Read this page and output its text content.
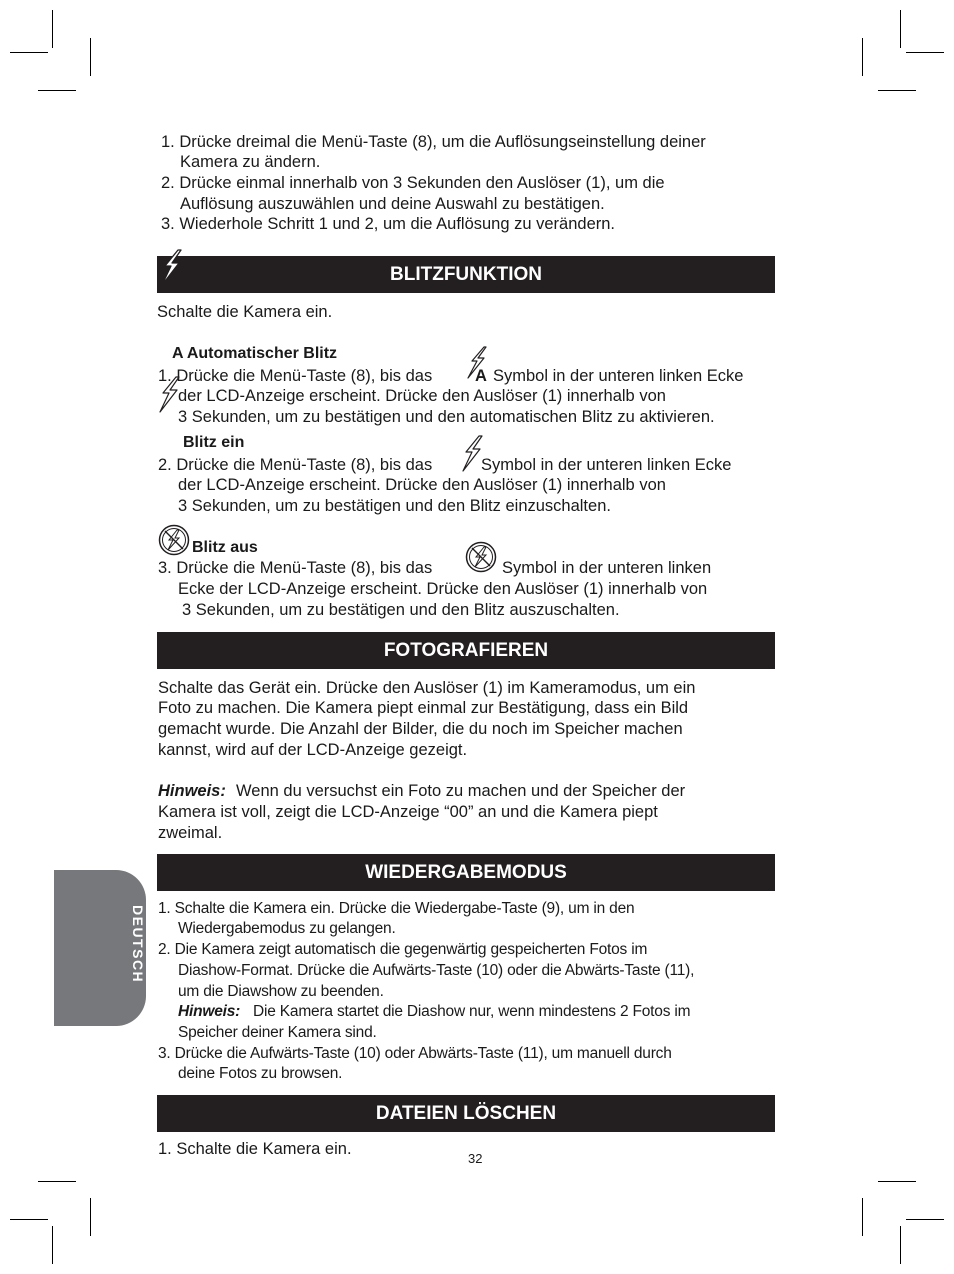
1. Drücke dreimal die Menü-Taste (8), um die Auflösungseinstellung deiner
Kamera zu ändern.
2. Drücke einmal innerhalb von 3 Sekunden den Auslöser (1), um die
Auflösung auszuwählen und deine Auswahl zu bestätigen.
3. Wiederhole Schritt 1 und 2, um die Auflösung zu verändern.
BLITZFUNKTION
Schalte die Kamera ein.
A Automatischer Blitz
1. Drücke die Menü-Taste (8), bis das	A Symbol in der unteren linken Ecke
der LCD-Anzeige erscheint. Drücke den Auslöser (1) innerhalb von
3 Sekunden, um zu bestätigen und den automatischen Blitz zu aktivieren.
Blitz ein
2. Drücke die Menü-Taste (8), bis das	Symbol in der unteren linken Ecke
der LCD-Anzeige erscheint. Drücke den Auslöser (1) innerhalb von
3 Sekunden, um zu bestätigen und den Blitz einzuschalten.
Blitz aus
3. Drücke die Menü-Taste (8), bis das	Symbol in der unteren linken
Ecke der LCD-Anzeige erscheint. Drücke den Auslöser (1) innerhalb von
3 Sekunden, um zu bestätigen und den Blitz auszuschalten.
FOTOGRAFIEREN
Schalte das Gerät ein. Drücke den Auslöser (1) im Kameramodus, um ein
Foto zu machen. Die Kamera piept einmal zur Bestätigung, dass ein Bild
gemacht wurde. Die Anzahl der Bilder, die du noch im Speicher machen
kannst, wird auf der LCD-Anzeige gezeigt.
Hinweis: Wenn du versuchst ein Foto zu machen und der Speicher der
Kamera ist voll, zeigt die LCD-Anzeige “00” an und die Kamera piept
zweimal.
WIEDERGABEMODUS
1. Schalte die Kamera ein. Drücke die Wiedergabe-Taste (9), um in den
Wiedergabemodus zu gelangen.
2. Die Kamera zeigt automatisch die gegenwärtig gespeicherten Fotos im
Diashow-Format. Drücke die Aufwärts-Taste (10) oder die Abwärts-Taste (11),
um die Diawshow zu beenden.
Hinweis: Die Kamera startet die Diashow nur, wenn mindestens 2 Fotos im
Speicher deiner Kamera sind.
3. Drücke die Aufwärts-Taste (10) oder Abwärts-Taste (11), um manuell durch
deine Fotos zu browsen.
DATEIEN LÖSCHEN
1. Schalte die Kamera ein.
DEUTSCH
32
